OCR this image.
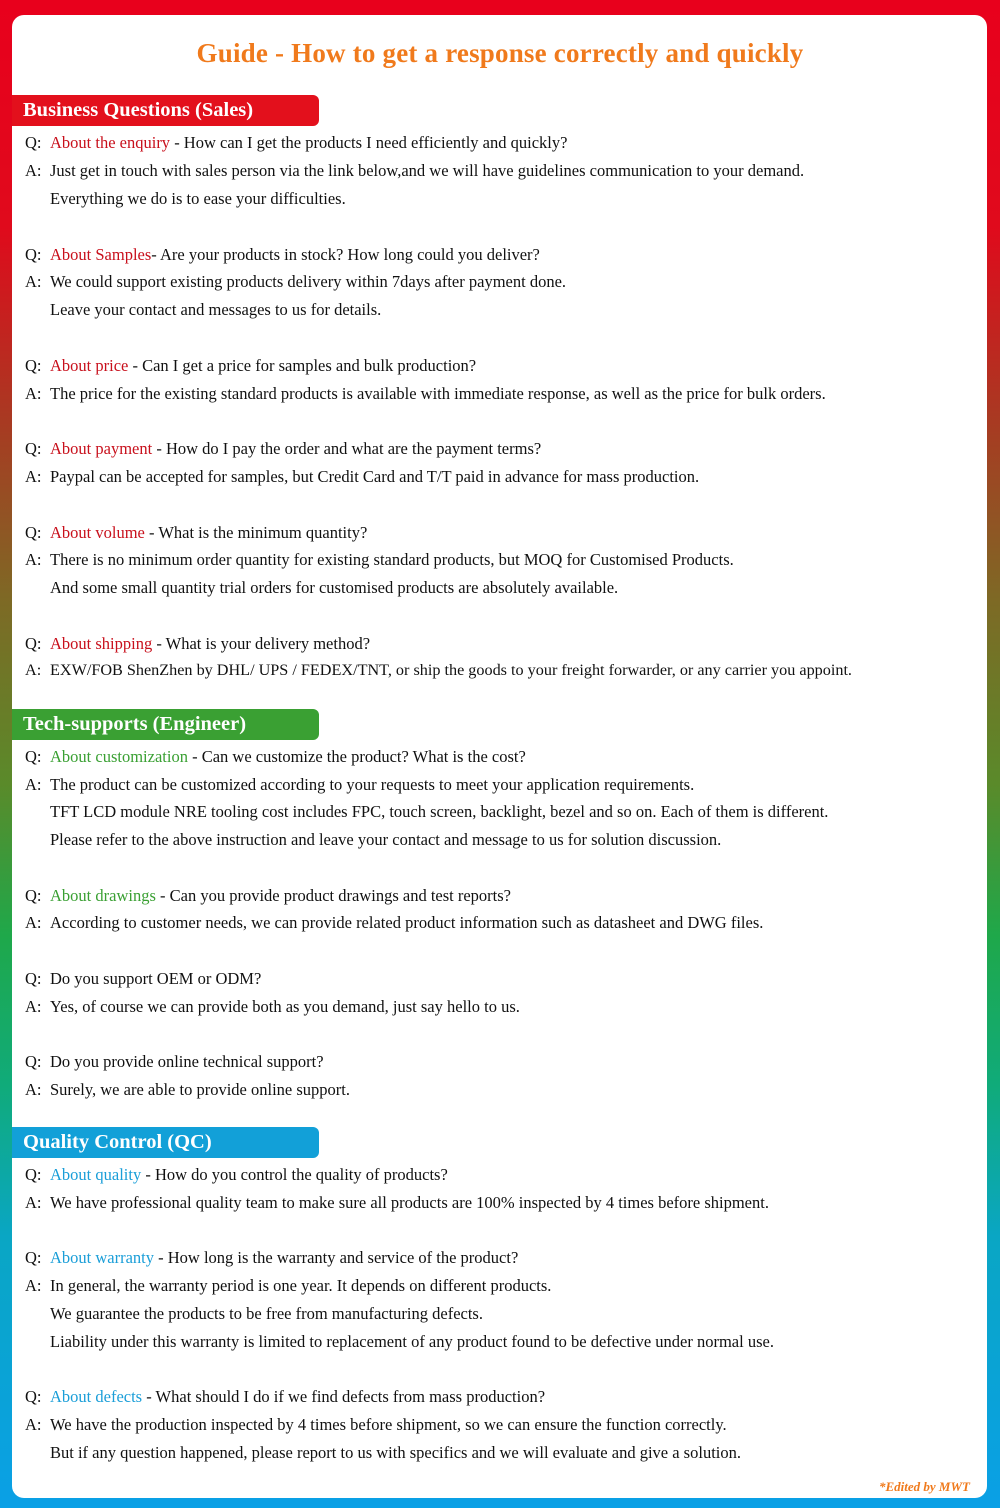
Guide - How to get a response correctly and quickly
Business Questions (Sales)
Q: About the enquiry - How can I get the products I need efficiently and quickly?
A: Just get in touch with sales person via the link below,and we will have guidelines communication to your demand.
Everything we do is to ease your difficulties.
Q: About Samples- Are your products in stock? How long could you deliver?
A: We could support existing products delivery within 7days after payment done.
Leave your contact and messages to us for details.
Q: About price - Can I get a price for samples and bulk production?
A: The price for the existing standard products is available with immediate response, as well as the price for bulk orders.
Q: About payment - How do I pay the order and what are the payment terms?
A: Paypal can be accepted for samples, but Credit Card and T/T paid in advance for mass production.
Q: About volume - What is the minimum quantity?
A: There is no minimum order quantity for existing standard products, but MOQ for Customised Products.
And some small quantity trial orders for customised products are absolutely available.
Q: About shipping - What is your delivery method?
A: EXW/FOB ShenZhen by DHL/ UPS / FEDEX/TNT, or ship the goods to your freight forwarder, or any carrier you appoint.
Tech-supports (Engineer)
Q: About customization - Can we customize the product? What is the cost?
A: The product can be customized according to your requests to meet your application requirements.
TFT LCD module NRE tooling cost includes FPC, touch screen, backlight, bezel and so on. Each of them is different.
Please refer to the above instruction and leave your contact and message to us for solution discussion.
Q: About drawings - Can you provide product drawings and test reports?
A: According to customer needs, we can provide related product information such as datasheet and DWG files.
Q: Do you support OEM or ODM?
A: Yes, of course we can provide both as you demand, just say hello to us.
Q: Do you provide online technical support?
A: Surely, we are able to provide online support.
Quality Control (QC)
Q: About quality - How do you control the quality of products?
A: We have professional quality team to make sure all products are 100% inspected by 4 times before shipment.
Q: About warranty - How long is the warranty and service of the product?
A: In general, the warranty period is one year. It depends on different products.
We guarantee the products to be free from manufacturing defects.
Liability under this warranty is limited to replacement of any product found to be defective under normal use.
Q: About defects - What should I do if we find defects from mass production?
A: We have the production inspected by 4 times before shipment, so we can ensure the function correctly.
But if any question happened, please report to us with specifics and we will evaluate and give a solution.
*Edited by MWT
